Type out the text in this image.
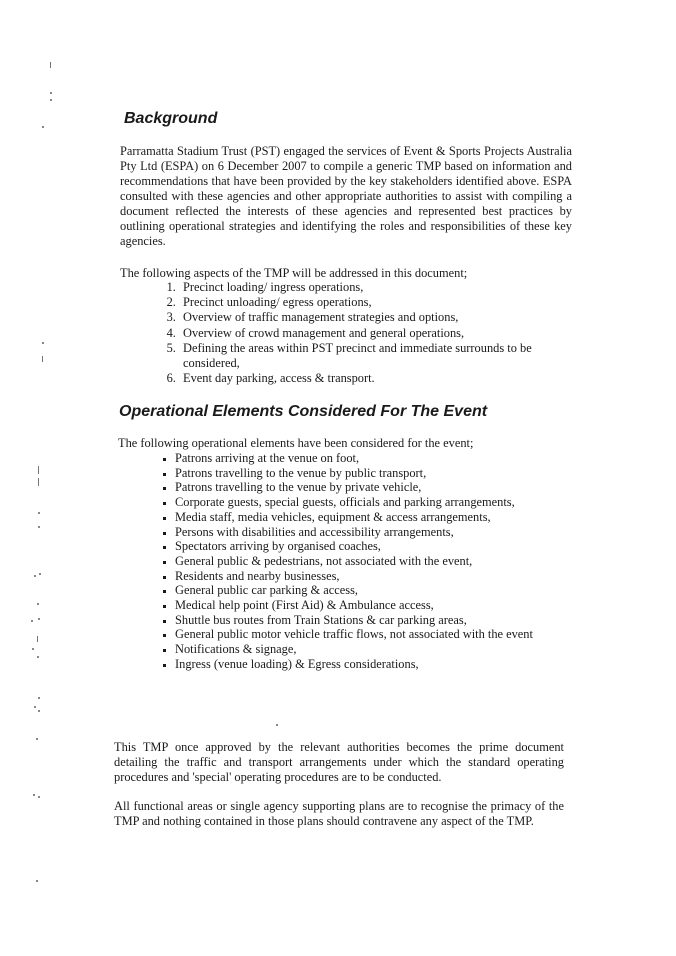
Background

Parramatta Stadium Trust (PST) engaged the services of Event & Sports Projects Australia Pty Ltd (ESPA) on 6 December 2007 to compile a generic TMP based on information and recommendations that have been provided by the key stakeholders identified above. ESPA consulted with these agencies and other appropriate authorities to assist with compiling a document reflected the interests of these agencies and represented best practices by outlining operational strategies and identifying the roles and responsibilities of these key agencies.

The following aspects of the TMP will be addressed in this document;

1. Precinct loading/ ingress operations,
2. Precinct unloading/ egress operations,
3. Overview of traffic management strategies and options,
4. Overview of crowd management and general operations,
5. Defining the areas within PST precinct and immediate surrounds to be considered,
6. Event day parking, access & transport.
Operational Elements Considered For The Event

The following operational elements have been considered for the event;

▪ Patrons arriving at the venue on foot,
▪ Patrons travelling to the venue by public transport,
▪ Patrons travelling to the venue by private vehicle,
▪ Corporate guests, special guests, officials and parking arrangements,
▪ Media staff, media vehicles, equipment & access arrangements,
▪ Persons with disabilities and accessibility arrangements,
▪ Spectators arriving by organised coaches,
▪ General public & pedestrians, not associated with the event,
▪ Residents and nearby businesses,
▪ General public car parking & access,
▪ Medical help point (First Aid) & Ambulance access,
▪ Shuttle bus routes from Train Stations & car parking areas,
▪ General public motor vehicle traffic flows, not associated with the event
▪ Notifications & signage,
▪ Ingress (venue loading) & Egress considerations,

This TMP once approved by the relevant authorities becomes the prime document detailing the traffic and transport arrangements under which the standard operating procedures and 'special' operating procedures are to be conducted.

All functional areas or single agency supporting plans are to recognise the primacy of the TMP and nothing contained in those plans should contravene any aspect of the TMP.
